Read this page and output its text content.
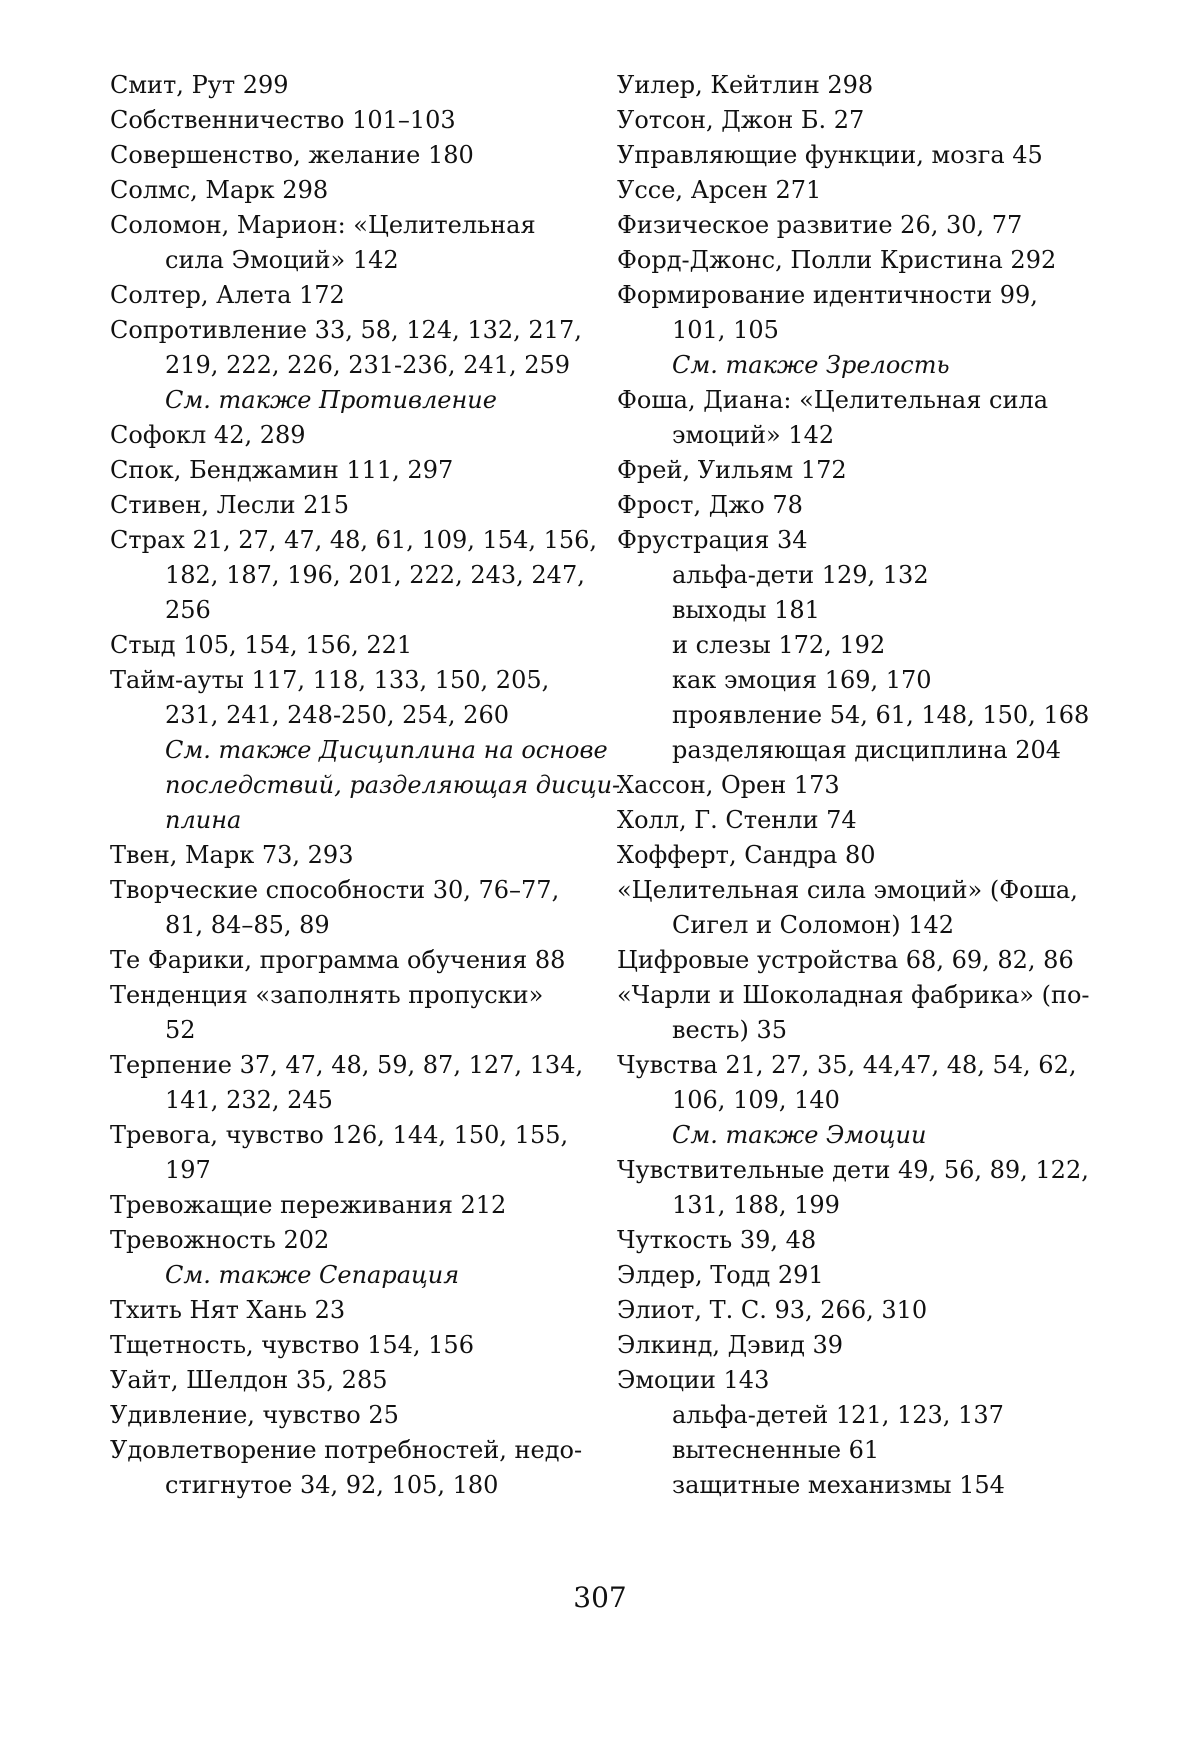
Смит, Рут 299
Собственничество 101–103
Совершенство, желание 180
Солмс, Марк 298
Соломон, Марион: «Целительная
сила Эмоций» 142
Солтер, Алета 172
Сопротивление 33, 58, 124, 132, 217,
219, 222, 226, 231-236, 241, 259
См. также Противление
Софокл 42, 289
Спок, Бенджамин 111, 297
Стивен, Лесли 215
Страх 21, 27, 47, 48, 61, 109, 154, 156,
182, 187, 196, 201, 222, 243, 247,
256
Стыд 105, 154, 156, 221
Тайм-ауты 117, 118, 133, 150, 205,
231, 241, 248-250, 254, 260
См. также Дисциплина на основе
последствий, разделяющая дисци-
плина
Твен, Марк 73, 293
Творческие способности 30, 76–77,
81, 84–85, 89
Те Фарики, программа обучения 88
Тенденция «заполнять пропуски»
52
Терпение 37, 47, 48, 59, 87, 127, 134,
141, 232, 245
Тревога, чувство 126, 144, 150, 155,
197
Тревожащие переживания 212
Тревожность 202
См. также Сепарация
Тхить Нят Хань 23
Тщетность, чувство 154, 156
Уайт, Шелдон 35, 285
Удивление, чувство 25
Удовлетворение потребностей, недо-
стигнутое 34, 92, 105, 180
Уилер, Кейтлин 298
Уотсон, Джон Б. 27
Управляющие функции, мозга 45
Уссе, Арсен 271
Физическое развитие 26, 30, 77
Форд-Джонс, Полли Кристина 292
Формирование идентичности 99,
101, 105
См. также Зрелость
Фоша, Диана: «Целительная сила
эмоций» 142
Фрей, Уильям 172
Фрост, Джо 78
Фрустрация 34
альфа-дети 129, 132
выходы 181
и слезы 172, 192
как эмоция 169, 170
проявление 54, 61, 148, 150, 168
разделяющая дисциплина 204
Хассон, Орен 173
Холл, Г. Стенли 74
Хофферт, Сандра 80
«Целительная сила эмоций» (Фоша,
Сигел и Соломон) 142
Цифровые устройства 68, 69, 82, 86
«Чарли и Шоколадная фабрика» (по-
весть) 35
Чувства 21, 27, 35, 44,47, 48, 54, 62,
106, 109, 140
См. также Эмоции
Чувствительные дети 49, 56, 89, 122,
131, 188, 199
Чуткость 39, 48
Элдер, Тодд 291
Элиот, Т. С. 93, 266, 310
Элкинд, Дэвид 39
Эмоции 143
альфа-детей 121, 123, 137
вытесненные 61
защитные механизмы 154
307
